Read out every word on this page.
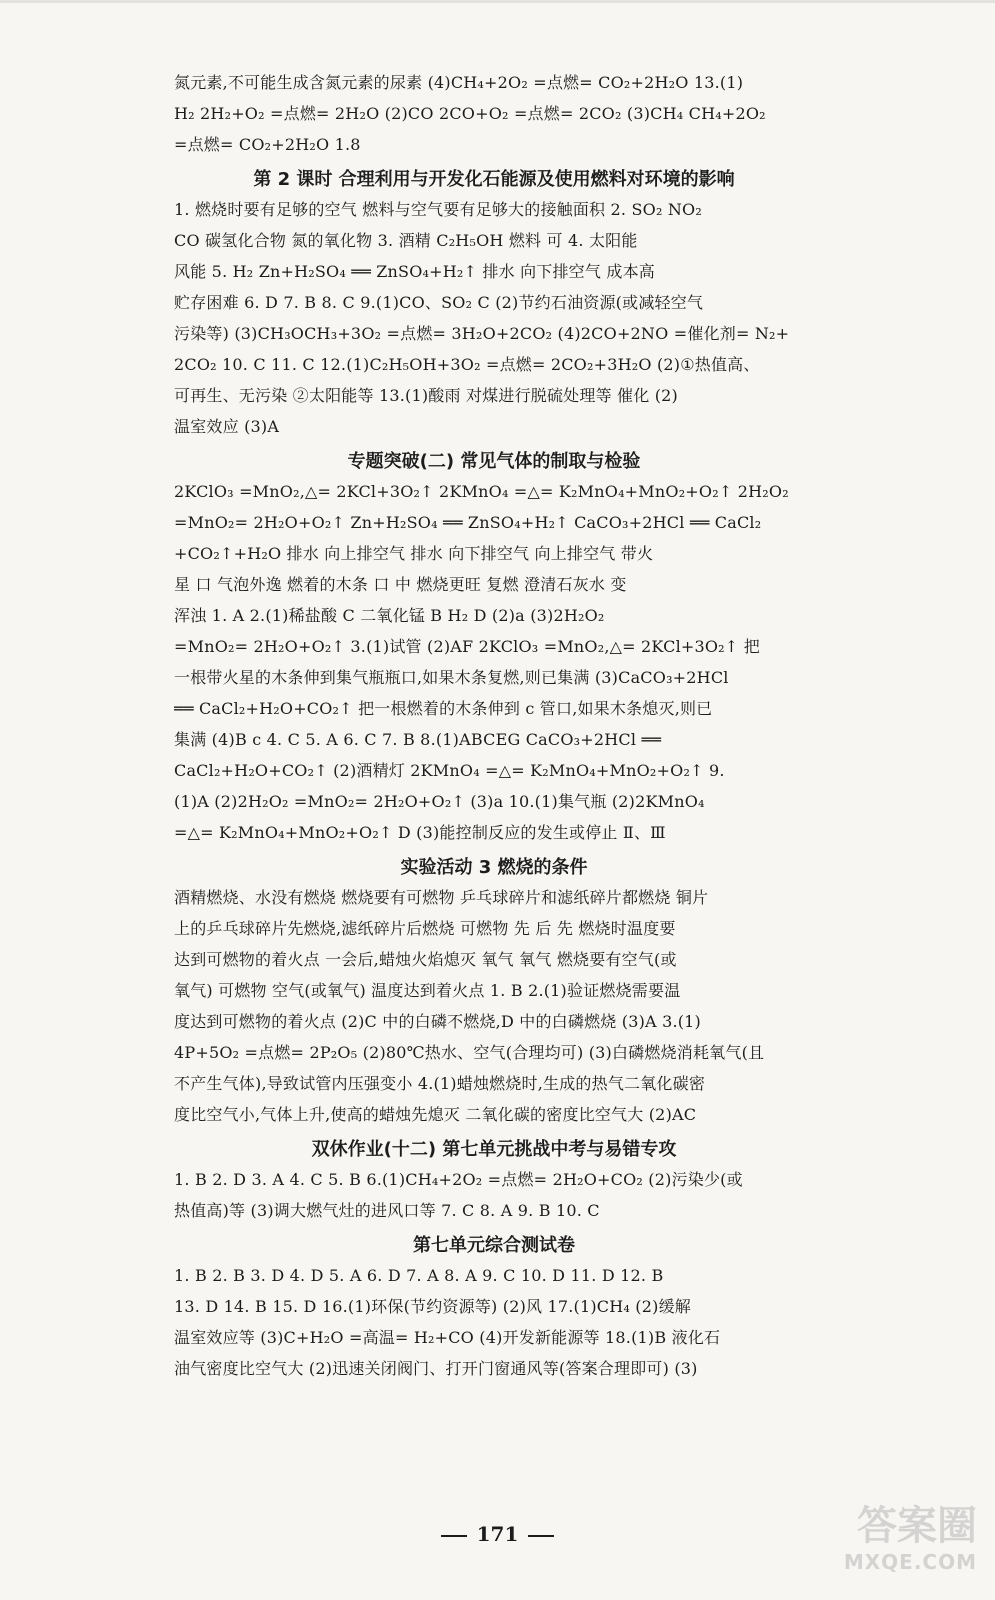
氮元素,不可能生成含氮元素的尿素 (4)CH₄+2O₂ =点燃= CO₂+2H₂O 13.(1)
H₂ 2H₂+O₂ =点燃= 2H₂O (2)CO 2CO+O₂ =点燃= 2CO₂ (3)CH₄ CH₄+2O₂
=点燃= CO₂+2H₂O 1.8
第 2 课时 合理利用与开发化石能源及使用燃料对环境的影响
1. 燃烧时要有足够的空气 燃料与空气要有足够大的接触面积 2. SO₂ NO₂
CO 碳氢化合物 氮的氧化物 3. 酒精 C₂H₅OH 燃料 可 4. 太阳能
风能 5. H₂ Zn+H₂SO₄ ══ ZnSO₄+H₂↑ 排水 向下排空气 成本高
贮存困难 6. D 7. B 8. C 9.(1)CO、SO₂ C (2)节约石油资源(或减轻空气
污染等) (3)CH₃OCH₃+3O₂ =点燃= 3H₂O+2CO₂ (4)2CO+2NO =催化剂= N₂+
2CO₂ 10. C 11. C 12.(1)C₂H₅OH+3O₂ =点燃= 2CO₂+3H₂O (2)①热值高、
可再生、无污染 ②太阳能等 13.(1)酸雨 对煤进行脱硫处理等 催化 (2)
温室效应 (3)A
专题突破(二) 常见气体的制取与检验
2KClO₃ =MnO₂,△= 2KCl+3O₂↑ 2KMnO₄ =△= K₂MnO₄+MnO₂+O₂↑ 2H₂O₂
=MnO₂= 2H₂O+O₂↑ Zn+H₂SO₄ ══ ZnSO₄+H₂↑ CaCO₃+2HCl ══ CaCl₂
+CO₂↑+H₂O 排水 向上排空气 排水 向下排空气 向上排空气 带火
星 口 气泡外逸 燃着的木条 口 中 燃烧更旺 复燃 澄清石灰水 变
浑浊 1. A 2.(1)稀盐酸 C 二氧化锰 B H₂ D (2)a (3)2H₂O₂
=MnO₂= 2H₂O+O₂↑ 3.(1)试管 (2)AF 2KClO₃ =MnO₂,△= 2KCl+3O₂↑ 把
一根带火星的木条伸到集气瓶瓶口,如果木条复燃,则已集满 (3)CaCO₃+2HCl
══ CaCl₂+H₂O+CO₂↑ 把一根燃着的木条伸到 c 管口,如果木条熄灭,则已
集满 (4)B c 4. C 5. A 6. C 7. B 8.(1)ABCEG CaCO₃+2HCl ══
CaCl₂+H₂O+CO₂↑ (2)酒精灯 2KMnO₄ =△= K₂MnO₄+MnO₂+O₂↑ 9.
(1)A (2)2H₂O₂ =MnO₂= 2H₂O+O₂↑ (3)a 10.(1)集气瓶 (2)2KMnO₄
=△= K₂MnO₄+MnO₂+O₂↑ D (3)能控制反应的发生或停止 Ⅱ、Ⅲ
实验活动 3 燃烧的条件
酒精燃烧、水没有燃烧 燃烧要有可燃物 乒乓球碎片和滤纸碎片都燃烧 铜片
上的乒乓球碎片先燃烧,滤纸碎片后燃烧 可燃物 先 后 先 燃烧时温度要
达到可燃物的着火点 一会后,蜡烛火焰熄灭 氧气 氧气 燃烧要有空气(或
氧气) 可燃物 空气(或氧气) 温度达到着火点 1. B 2.(1)验证燃烧需要温
度达到可燃物的着火点 (2)C 中的白磷不燃烧,D 中的白磷燃烧 (3)A 3.(1)
4P+5O₂ =点燃= 2P₂O₅ (2)80℃热水、空气(合理均可) (3)白磷燃烧消耗氧气(且
不产生气体),导致试管内压强变小 4.(1)蜡烛燃烧时,生成的热气二氧化碳密
度比空气小,气体上升,使高的蜡烛先熄灭 二氧化碳的密度比空气大 (2)AC
双休作业(十二) 第七单元挑战中考与易错专攻
1. B 2. D 3. A 4. C 5. B 6.(1)CH₄+2O₂ =点燃= 2H₂O+CO₂ (2)污染少(或
热值高)等 (3)调大燃气灶的进风口等 7. C 8. A 9. B 10. C
第七单元综合测试卷
1. B 2. B 3. D 4. D 5. A 6. D 7. A 8. A 9. C 10. D 11. D 12. B
13. D 14. B 15. D 16.(1)环保(节约资源等) (2)风 17.(1)CH₄ (2)缓解
温室效应等 (3)C+H₂O =高温= H₂+CO (4)开发新能源等 18.(1)B 液化石
油气密度比空气大 (2)迅速关闭阀门、打开门窗通风等(答案合理即可) (3)
171	答案圈
MXQE.COM
